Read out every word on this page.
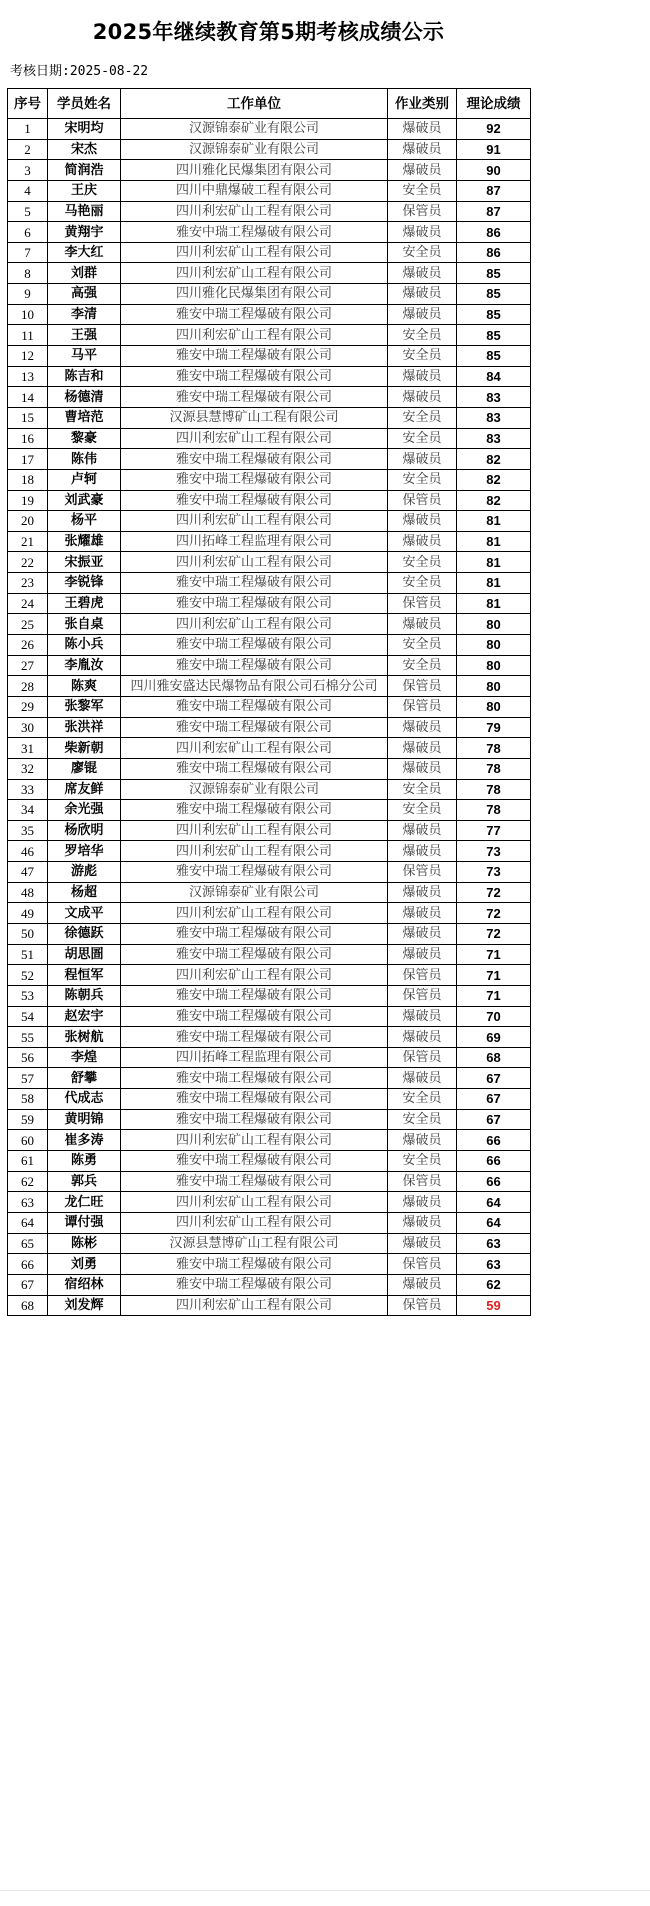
2025年继续教育第5期考核成绩公示
考核日期:2025-08-22
序号	学员姓名	工作单位	作业类别	理论成绩
1	宋明均	汉源锦泰矿业有限公司	爆破员	92
2	宋杰	汉源锦泰矿业有限公司	爆破员	91
3	简润浩	四川雅化民爆集团有限公司	爆破员	90
4	王庆	四川中鼎爆破工程有限公司	安全员	87
5	马艳丽	四川利宏矿山工程有限公司	保管员	87
6	黄翔宇	雅安中瑞工程爆破有限公司	爆破员	86
7	李大红	四川利宏矿山工程有限公司	安全员	86
8	刘群	四川利宏矿山工程有限公司	爆破员	85
9	高强	四川雅化民爆集团有限公司	爆破员	85
10	李清	雅安中瑞工程爆破有限公司	爆破员	85
11	王强	四川利宏矿山工程有限公司	安全员	85
12	马平	雅安中瑞工程爆破有限公司	安全员	85
13	陈吉和	雅安中瑞工程爆破有限公司	爆破员	84
14	杨德清	雅安中瑞工程爆破有限公司	爆破员	83
15	曹培范	汉源县慧博矿山工程有限公司	安全员	83
16	黎豪	四川利宏矿山工程有限公司	安全员	83
17	陈伟	雅安中瑞工程爆破有限公司	爆破员	82
18	卢轲	雅安中瑞工程爆破有限公司	安全员	82
19	刘武豪	雅安中瑞工程爆破有限公司	保管员	82
20	杨平	四川利宏矿山工程有限公司	爆破员	81
21	张耀雄	四川拓峰工程监理有限公司	爆破员	81
22	宋振亚	四川利宏矿山工程有限公司	安全员	81
23	李锐锋	雅安中瑞工程爆破有限公司	安全员	81
24	王碧虎	雅安中瑞工程爆破有限公司	保管员	81
25	张自桌	四川利宏矿山工程有限公司	爆破员	80
26	陈小兵	雅安中瑞工程爆破有限公司	安全员	80
27	李胤汝	雅安中瑞工程爆破有限公司	安全员	80
28	陈爽	四川雅安盛达民爆物品有限公司石棉分公司	保管员	80
29	张黎军	雅安中瑞工程爆破有限公司	保管员	80
30	张洪祥	雅安中瑞工程爆破有限公司	爆破员	79
31	柴新朝	四川利宏矿山工程有限公司	爆破员	78
32	廖锟	雅安中瑞工程爆破有限公司	爆破员	78
33	席友鲜	汉源锦泰矿业有限公司	安全员	78
34	余光强	雅安中瑞工程爆破有限公司	安全员	78
35	杨欣明	四川利宏矿山工程有限公司	爆破员	77
46	罗培华	四川利宏矿山工程有限公司	爆破员	73
47	游彪	雅安中瑞工程爆破有限公司	保管员	73
48	杨超	汉源锦泰矿业有限公司	爆破员	72
49	文成平	四川利宏矿山工程有限公司	爆破员	72
50	徐德跃	雅安中瑞工程爆破有限公司	爆破员	72
51	胡思圄	雅安中瑞工程爆破有限公司	爆破员	71
52	程恒军	四川利宏矿山工程有限公司	保管员	71
53	陈朝兵	雅安中瑞工程爆破有限公司	保管员	71
54	赵宏宇	雅安中瑞工程爆破有限公司	爆破员	70
55	张树航	雅安中瑞工程爆破有限公司	爆破员	69
56	李煌	四川拓峰工程监理有限公司	保管员	68
57	舒攀	雅安中瑞工程爆破有限公司	爆破员	67
58	代成志	雅安中瑞工程爆破有限公司	安全员	67
59	黄明锦	雅安中瑞工程爆破有限公司	安全员	67
60	崔多涛	四川利宏矿山工程有限公司	爆破员	66
61	陈勇	雅安中瑞工程爆破有限公司	安全员	66
62	郭兵	雅安中瑞工程爆破有限公司	保管员	66
63	龙仁旺	四川利宏矿山工程有限公司	爆破员	64
64	谭付强	四川利宏矿山工程有限公司	爆破员	64
65	陈彬	汉源县慧博矿山工程有限公司	爆破员	63
66	刘勇	雅安中瑞工程爆破有限公司	保管员	63
67	宿绍林	雅安中瑞工程爆破有限公司	爆破员	62
68	刘发辉	四川利宏矿山工程有限公司	保管员	59
